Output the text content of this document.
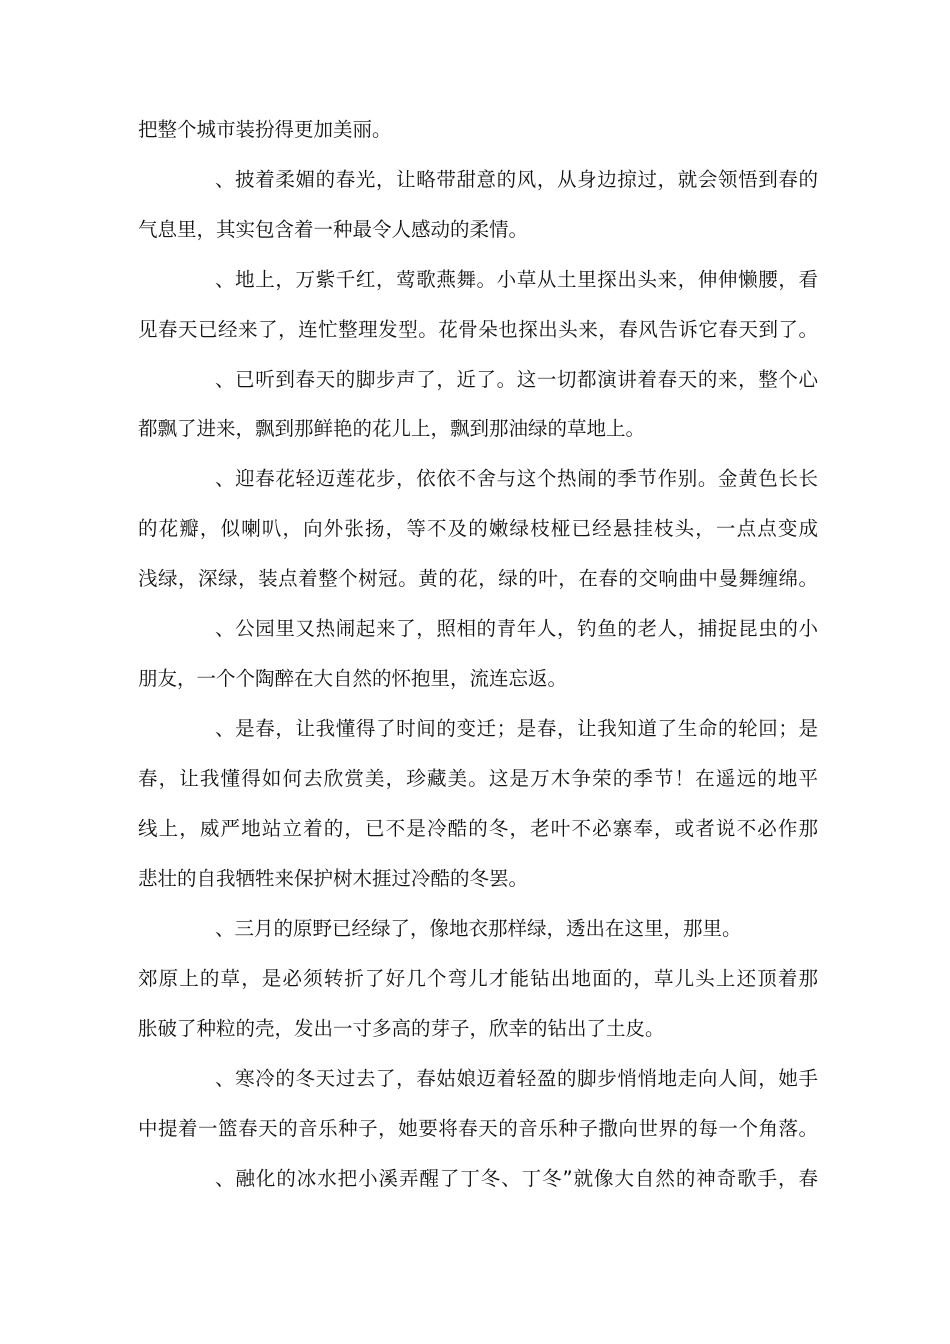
把整个城市装扮得更加美丽。
、披着柔媚的春光，让略带甜意的风，从身边掠过，就会领悟到春的
气息里，其实包含着一种最令人感动的柔情。
、地上，万紫千红，莺歌燕舞。小草从土里探出头来，伸伸懒腰，看
见春天已经来了，连忙整理发型。花骨朵也探出头来，春风告诉它春天到了。
、已听到春天的脚步声了，近了。这一切都演讲着春天的来，整个心
都飘了进来，飘到那鲜艳的花儿上，飘到那油绿的草地上。
、迎春花轻迈莲花步，依依不舍与这个热闹的季节作别。金黄色长长
的花瓣，似喇叭，向外张扬，等不及的嫩绿枝桠已经悬挂枝头，一点点变成
浅绿，深绿，装点着整个树冠。黄的花，绿的叶，在春的交响曲中曼舞缠绵。
、公园里又热闹起来了，照相的青年人，钓鱼的老人，捕捉昆虫的小
朋友，一个个陶醉在大自然的怀抱里，流连忘返。
、是春，让我懂得了时间的变迁；是春，让我知道了生命的轮回；是
春，让我懂得如何去欣赏美，珍藏美。这是万木争荣的季节！在遥远的地平
线上，威严地站立着的，已不是冷酷的冬，老叶不必寨奉，或者说不必作那
悲壮的自我牺牲来保护树木捱过冷酷的冬罢。
、三月的原野已经绿了，像地衣那样绿，透出在这里，那里。
郊原上的草，是必须转折了好几个弯儿才能钻出地面的，草儿头上还顶着那
胀破了种粒的壳，发出一寸多高的芽子，欣幸的钻出了土皮。
、寒冷的冬天过去了，春姑娘迈着轻盈的脚步悄悄地走向人间，她手
中提着一篮春天的音乐种子，她要将春天的音乐种子撒向世界的每一个角落。
、融化的冰水把小溪弄醒了丁冬、丁冬”就像大自然的神奇歌手，春
